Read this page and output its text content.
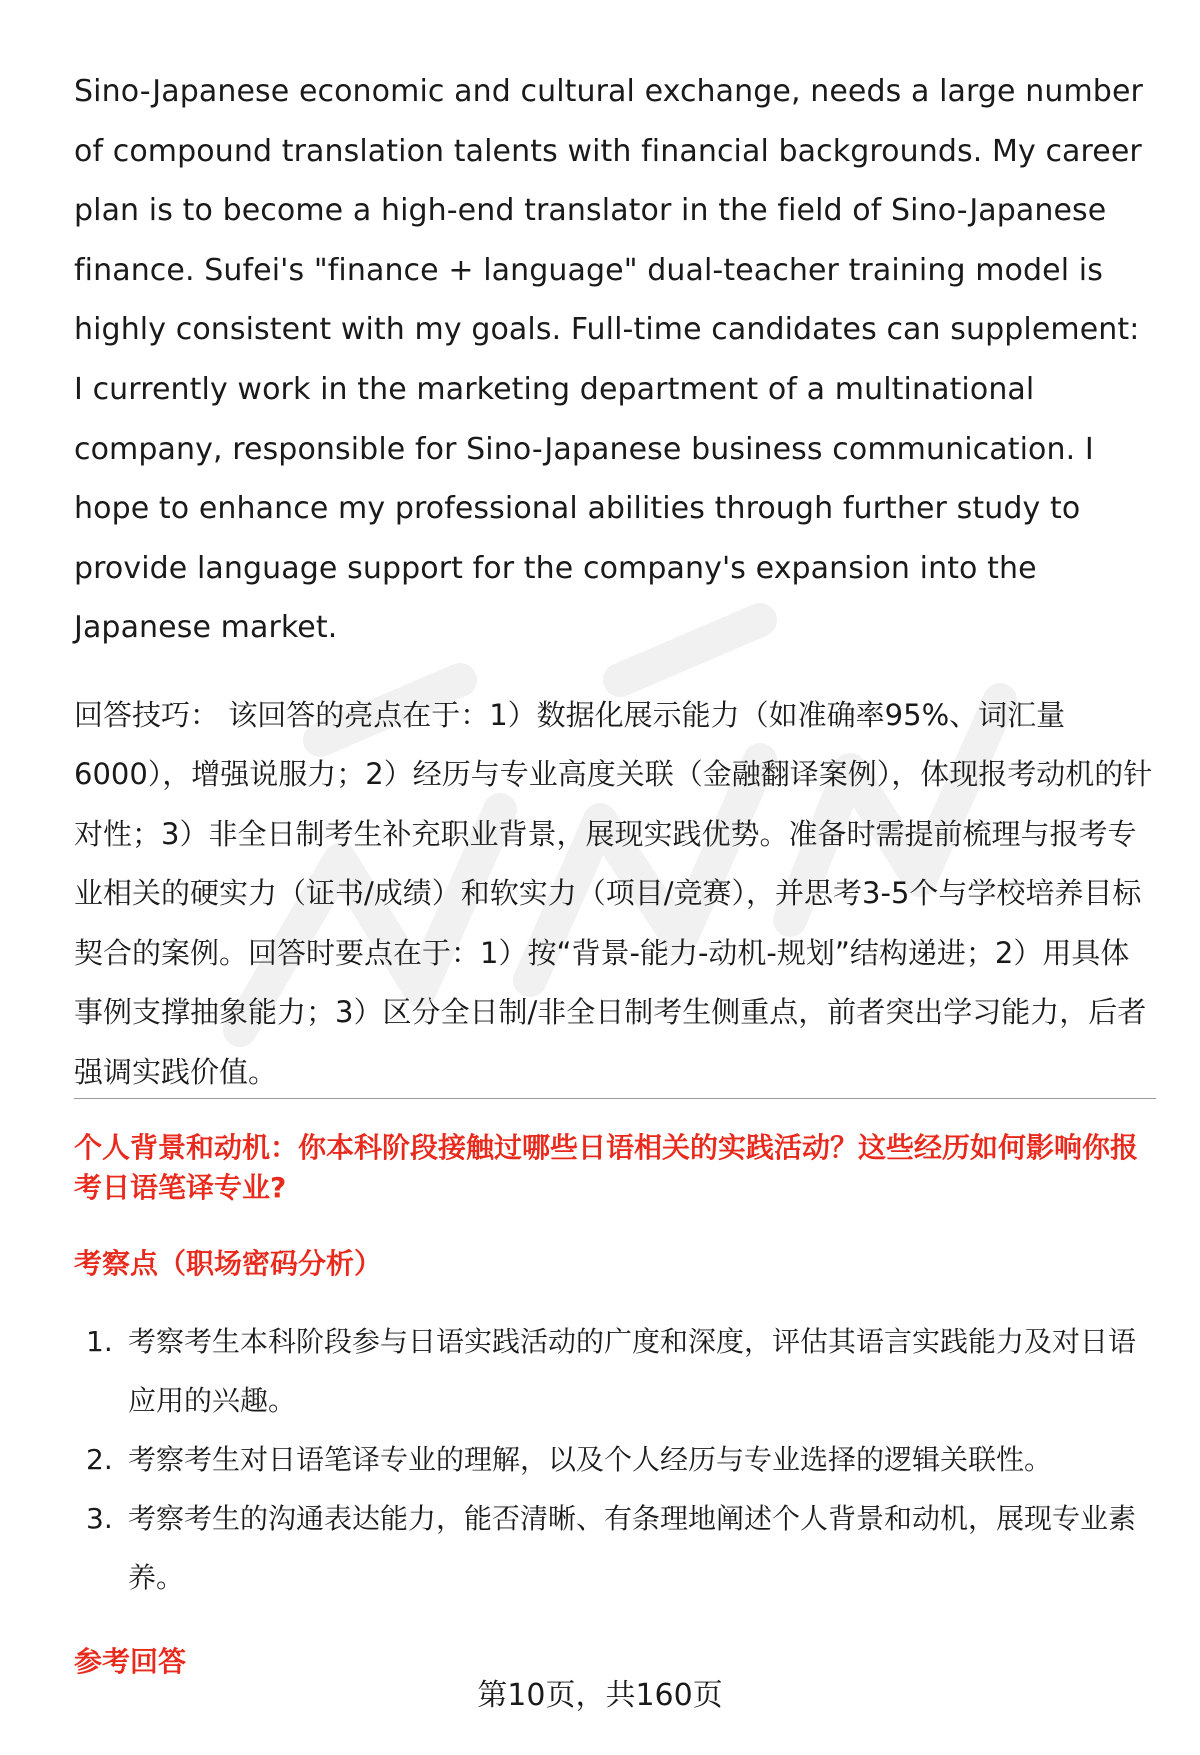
Sino-Japanese economic and cultural exchange, needs a large number of compound translation talents with financial backgrounds. My career plan is to become a high-end translator in the field of Sino-Japanese finance. Sufei's "finance + language" dual-teacher training model is highly consistent with my goals. Full-time candidates can supplement: I currently work in the marketing department of a multinational company, responsible for Sino-Japanese business communication. I hope to enhance my professional abilities through further study to provide language support for the company's expansion into the Japanese market.

回答技巧： 该回答的亮点在于：1）数据化展示能力（如准确率95%、词汇量6000），增强说服力；2）经历与专业高度关联（金融翻译案例），体现报考动机的针对性；3）非全日制考生补充职业背景，展现实践优势。准备时需提前梳理与报考专业相关的硬实力（证书/成绩）和软实力（项目/竞赛），并思考3-5个与学校培养目标契合的案例。回答时要点在于：1）按“背景-能力-动机-规划”结构递进；2）用具体事例支撑抽象能力；3）区分全日制/非全日制考生侧重点，前者突出学习能力，后者强调实践价值。

个人背景和动机：你本科阶段接触过哪些日语相关的实践活动？这些经历如何影响你报考日语笔译专业?
考察点（职场密码分析）
1. 考察考生本科阶段参与日语实践活动的广度和深度，评估其语言实践能力及对日语应用的兴趣。
2. 考察考生对日语笔译专业的理解，以及个人经历与专业选择的逻辑关联性。
3. 考察考生的沟通表达能力，能否清晰、有条理地阐述个人背景和动机，展现专业素养。
参考回答
第10页，共160页
